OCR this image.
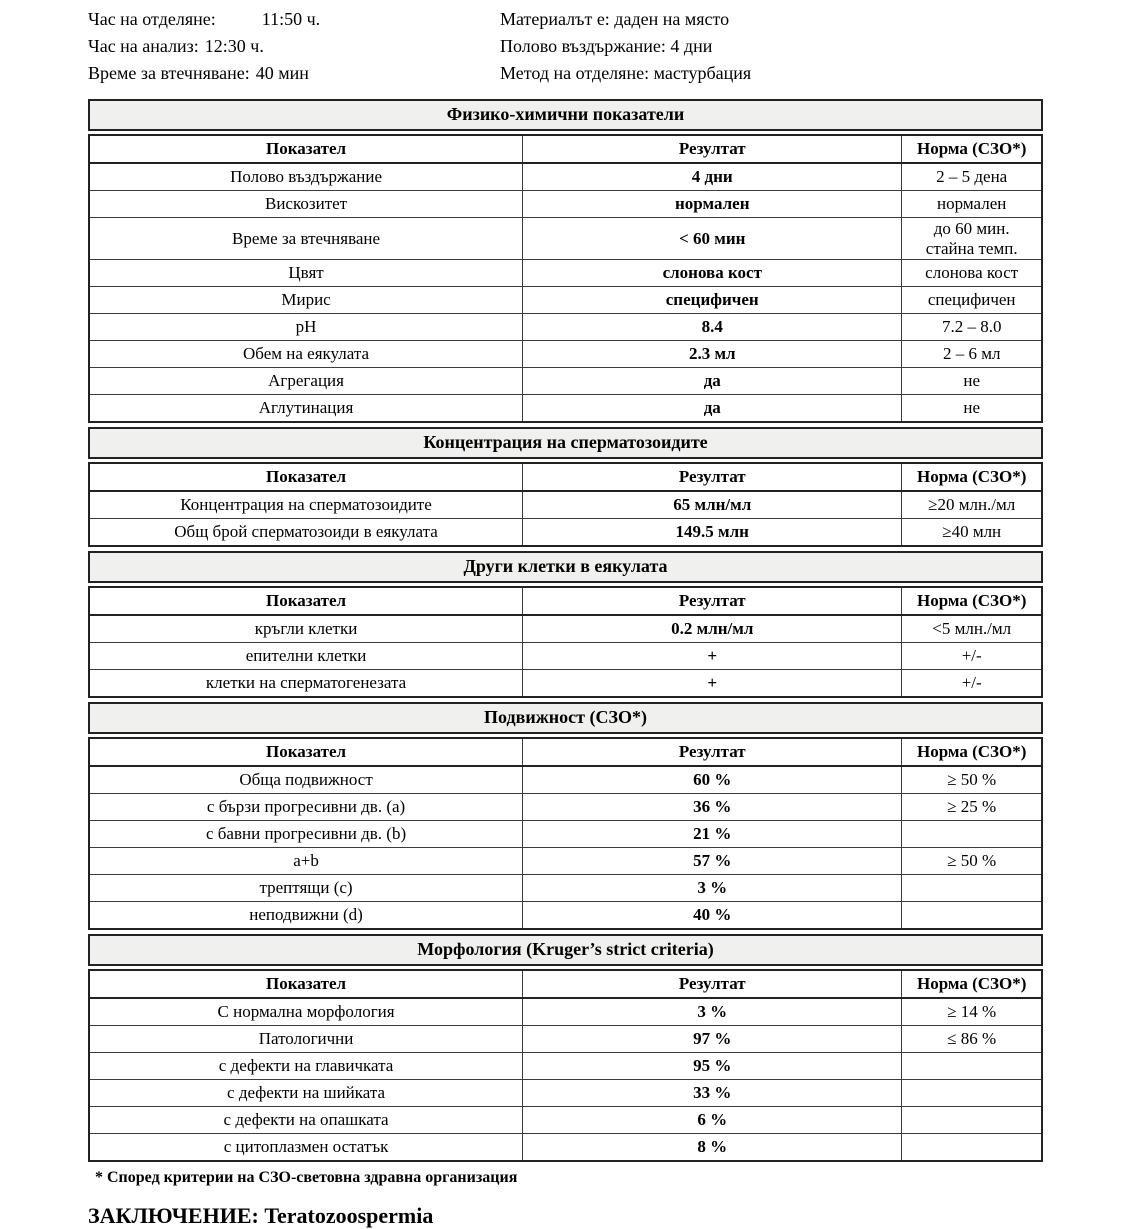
Час на отделяне:	11:50 ч.
Час на анализ: 12:30 ч.
Време за втечняване: 40 мин
Материалът е: даден на място
Полово въздържание: 4 дни
Метод на отделяне: мастурбация
Физико-химични показатели
Показател	Резултат	Норма (СЗО*)
Полово въздържание	4 дни	2 – 5 дена
Вискозитет	нормален	нормален
Време за втечняване	< 60 мин	до 60 мин.
стайна темп.
Цвят	слонова кост	слонова кост
Мирис	специфичен	специфичен
pH	8.4	7.2 – 8.0
Обем на еякулата	2.3 мл	2 – 6 мл
Агрегация	да	не
Аглутинация	да	не
Концентрация на сперматозоидите
Показател	Резултат	Норма (СЗО*)
Концентрация на сперматозоидите	65 млн/мл	≥20 млн./мл
Общ брой сперматозоиди в еякулата	149.5 млн	≥40 млн
Други клетки в еякулата
Показател	Резултат	Норма (СЗО*)
кръгли клетки	0.2 млн/мл	<5 млн./мл
епителни клетки	+	+/-
клетки на сперматогенезата	+	+/-
Подвижност (СЗО*)
Показател	Резултат	Норма (СЗО*)
Обща подвижност	60 %	≥ 50 %
с бързи прогресивни дв. (a)	36 %	≥ 25 %
с бавни прогресивни дв. (b)	21 %	
a+b	57 %	≥ 50 %
трептящи (c)	3 %	
неподвижни (d)	40 %	
Морфология (Kruger’s strict criteria)
Показател	Резултат	Норма (СЗО*)
С нормална морфология	3 %	≥ 14 %
Патологични	97 %	≤ 86 %
с дефекти на главичката	95 %	
с дефекти на шийката	33 %	
с дефекти на опашката	6 %	
с цитоплазмен остатък	8 %	
* Според критерии на СЗО-световна здравна организация
ЗАКЛЮЧЕНИЕ: Teratozoospermia
